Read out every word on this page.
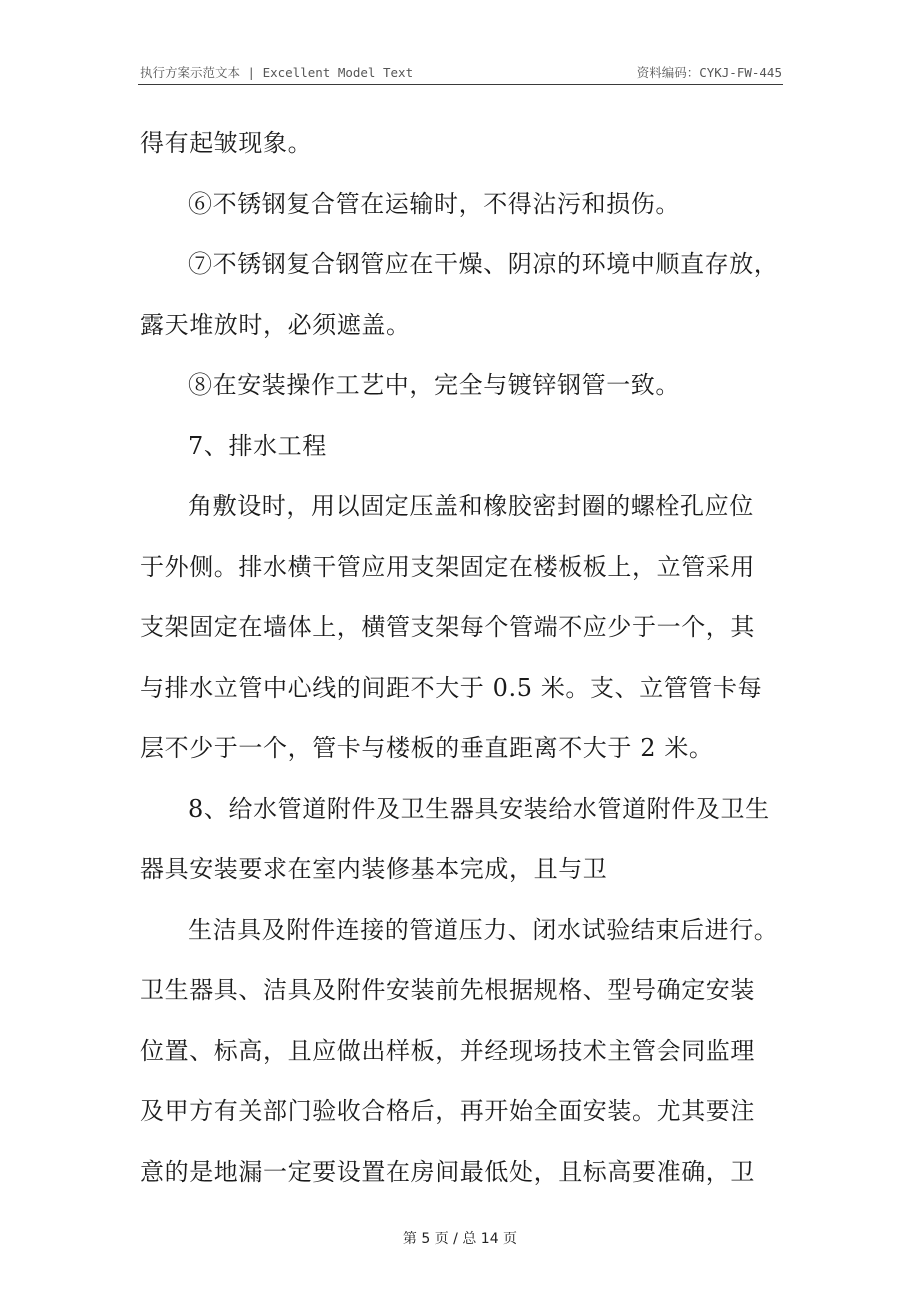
执行方案示范文本 | Excellent Model Text	资料编码：CYKJ-FW-445
得有起皱现象。
⑥不锈钢复合管在运输时，不得沾污和损伤。
⑦不锈钢复合钢管应在干燥、阴凉的环境中顺直存放，
露天堆放时，必须遮盖。
⑧在安装操作工艺中，完全与镀锌钢管一致。
7、排水工程
角敷设时，用以固定压盖和橡胶密封圈的螺栓孔应位
于外侧。排水横干管应用支架固定在楼板板上，立管采用
支架固定在墙体上，横管支架每个管端不应少于一个，其
与排水立管中心线的间距不大于 0.5 米。支、立管管卡每
层不少于一个，管卡与楼板的垂直距离不大于 2 米。
8、给水管道附件及卫生器具安装给水管道附件及卫生
器具安装要求在室内装修基本完成，且与卫
生洁具及附件连接的管道压力、闭水试验结束后进行。
卫生器具、洁具及附件安装前先根据规格、型号确定安装
位置、标高，且应做出样板，并经现场技术主管会同监理
及甲方有关部门验收合格后，再开始全面安装。尤其要注
意的是地漏一定要设置在房间最低处，且标高要准确，卫
第 5 页 / 总 14 页
